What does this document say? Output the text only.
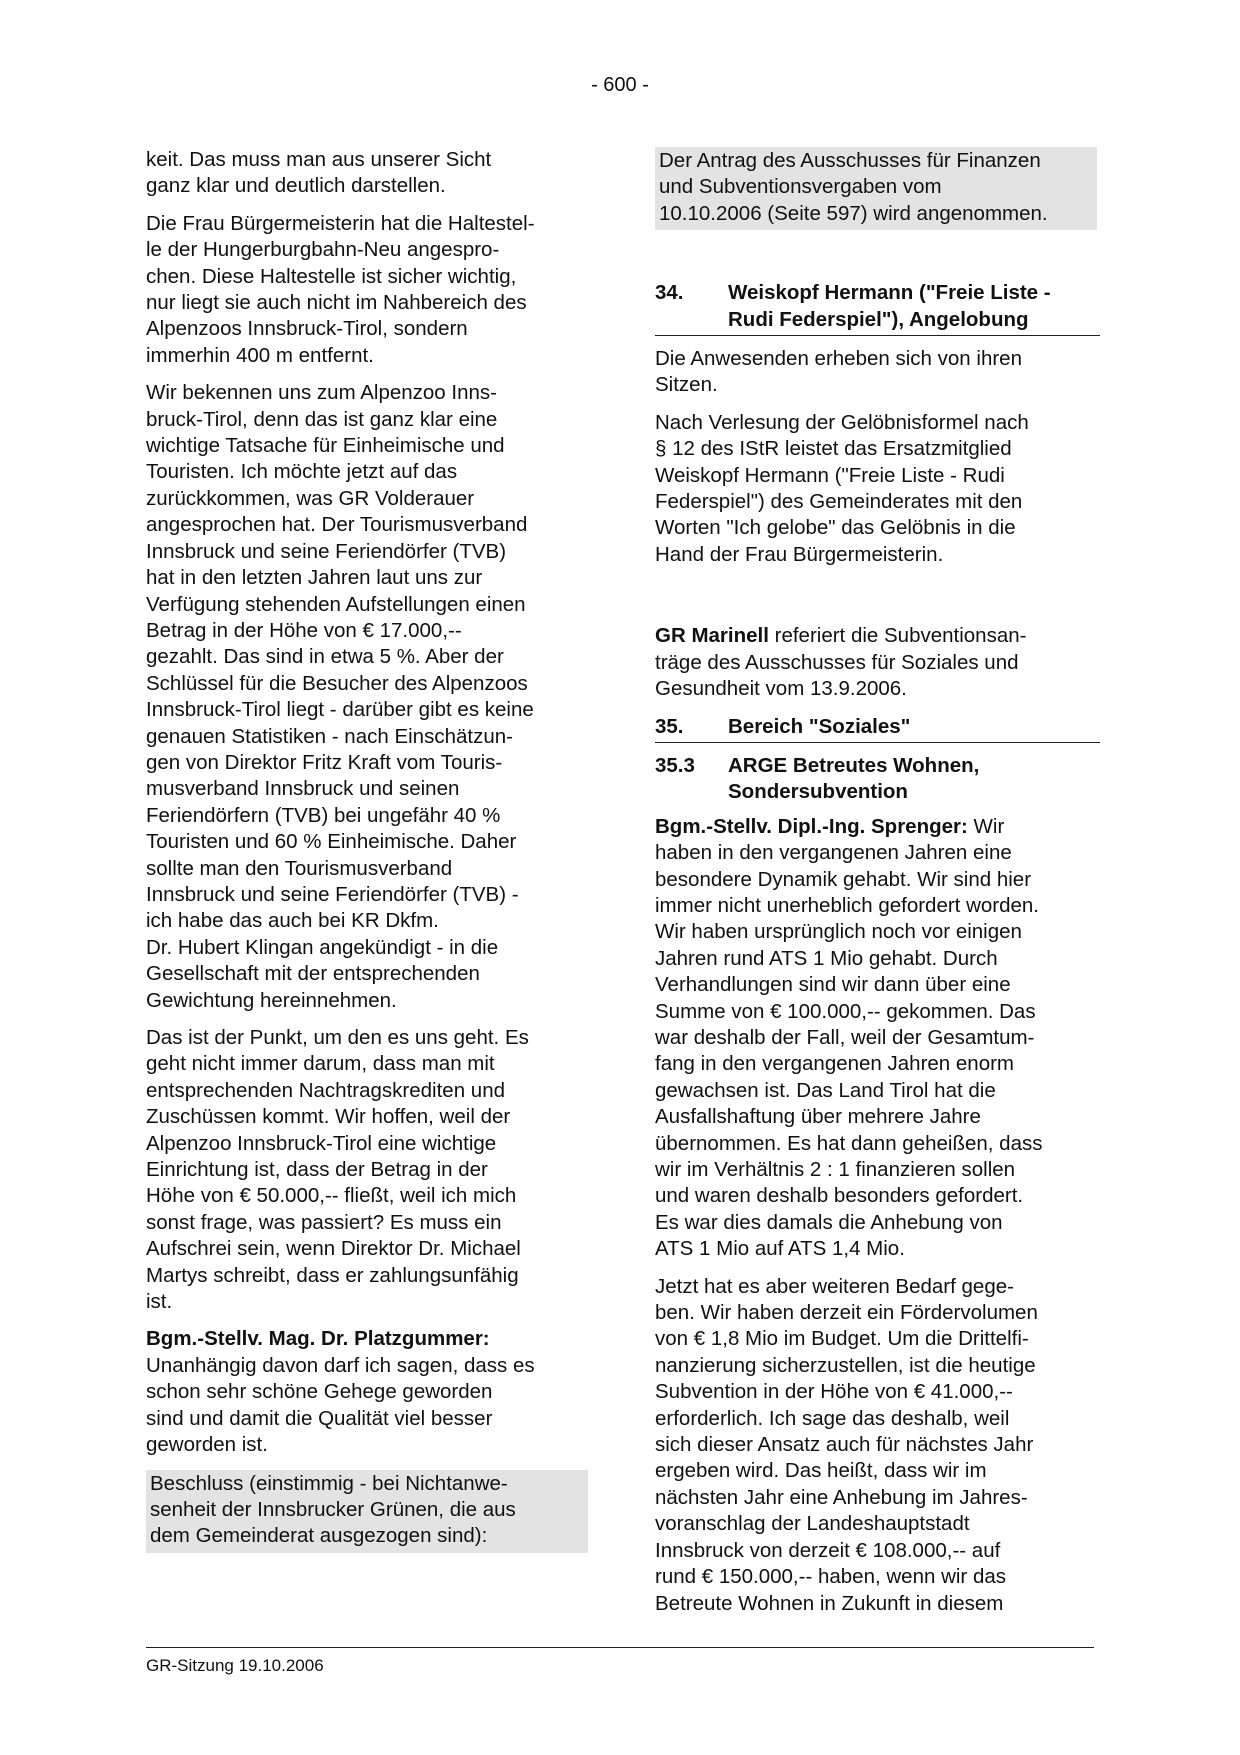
- 600 -

keit. Das muss man aus unserer Sicht
ganz klar und deutlich darstellen.

Die Frau Bürgermeisterin hat die Haltestel-
le der Hungerburgbahn-Neu angespro-
chen. Diese Haltestelle ist sicher wichtig,
nur liegt sie auch nicht im Nahbereich des
Alpenzoos Innsbruck-Tirol, sondern
immerhin 400 m entfernt.

Wir bekennen uns zum Alpenzoo Inns-
bruck-Tirol, denn das ist ganz klar eine
wichtige Tatsache für Einheimische und
Touristen. Ich möchte jetzt auf das
zurückkommen, was GR Volderauer
angesprochen hat. Der Tourismusverband
Innsbruck und seine Feriendörfer (TVB)
hat in den letzten Jahren laut uns zur
Verfügung stehenden Aufstellungen einen
Betrag in der Höhe von € 17.000,--
gezahlt. Das sind in etwa 5 %. Aber der
Schlüssel für die Besucher des Alpenzoos
Innsbruck-Tirol liegt - darüber gibt es keine
genauen Statistiken - nach Einschätzun-
gen von Direktor Fritz Kraft vom Touris-
musverband Innsbruck und seinen
Feriendörfern (TVB) bei ungefähr 40 %
Touristen und 60 % Einheimische. Daher
sollte man den Tourismusverband
Innsbruck und seine Feriendörfer (TVB) -
ich habe das auch bei KR Dkfm.
Dr. Hubert Klingan angekündigt - in die
Gesellschaft mit der entsprechenden
Gewichtung hereinnehmen.

Das ist der Punkt, um den es uns geht. Es
geht nicht immer darum, dass man mit
entsprechenden Nachtragskrediten und
Zuschüssen kommt. Wir hoffen, weil der
Alpenzoo Innsbruck-Tirol eine wichtige
Einrichtung ist, dass der Betrag in der
Höhe von € 50.000,-- fließt, weil ich mich
sonst frage, was passiert? Es muss ein
Aufschrei sein, wenn Direktor Dr. Michael
Martys schreibt, dass er zahlungsunfähig
ist.

Bgm.-Stellv. Mag. Dr. Platzgummer:
Unanhängig davon darf ich sagen, dass es
schon sehr schöne Gehege geworden
sind und damit die Qualität viel besser
geworden ist.

Beschluss (einstimmig - bei Nichtanwe-
senheit der Innsbrucker Grünen, die aus
dem Gemeinderat ausgezogen sind):

Der Antrag des Ausschusses für Finanzen
und Subventionsvergaben vom
10.10.2006 (Seite 597) wird angenommen.

34.	Weiskopf Hermann ("Freie Liste -
Rudi Federspiel"), Angelobung

Die Anwesenden erheben sich von ihren
Sitzen.

Nach Verlesung der Gelöbnisformel nach
§ 12 des IStR leistet das Ersatzmitglied
Weiskopf Hermann ("Freie Liste - Rudi
Federspiel") des Gemeinderates mit den
Worten "Ich gelobe" das Gelöbnis in die
Hand der Frau Bürgermeisterin.

GR Marinell referiert die Subventionsan-
träge des Ausschusses für Soziales und
Gesundheit vom 13.9.2006.

35.	Bereich "Soziales"
35.3	ARGE Betreutes Wohnen,
Sondersubvention

Bgm.-Stellv. Dipl.-Ing. Sprenger: Wir
haben in den vergangenen Jahren eine
besondere Dynamik gehabt. Wir sind hier
immer nicht unerheblich gefordert worden.
Wir haben ursprünglich noch vor einigen
Jahren rund ATS 1 Mio gehabt. Durch
Verhandlungen sind wir dann über eine
Summe von € 100.000,-- gekommen. Das
war deshalb der Fall, weil der Gesamtum-
fang in den vergangenen Jahren enorm
gewachsen ist. Das Land Tirol hat die
Ausfallshaftung über mehrere Jahre
übernommen. Es hat dann geheißen, dass
wir im Verhältnis 2 : 1 finanzieren sollen
und waren deshalb besonders gefordert.
Es war dies damals die Anhebung von
ATS 1 Mio auf ATS 1,4 Mio.

Jetzt hat es aber weiteren Bedarf gege-
ben. Wir haben derzeit ein Fördervolumen
von € 1,8 Mio im Budget. Um die Drittelfi-
nanzierung sicherzustellen, ist die heutige
Subvention in der Höhe von € 41.000,--
erforderlich. Ich sage das deshalb, weil
sich dieser Ansatz auch für nächstes Jahr
ergeben wird. Das heißt, dass wir im
nächsten Jahr eine Anhebung im Jahres-
voranschlag der Landeshauptstadt
Innsbruck von derzeit € 108.000,-- auf
rund € 150.000,-- haben, wenn wir das
Betreute Wohnen in Zukunft in diesem

GR-Sitzung 19.10.2006
